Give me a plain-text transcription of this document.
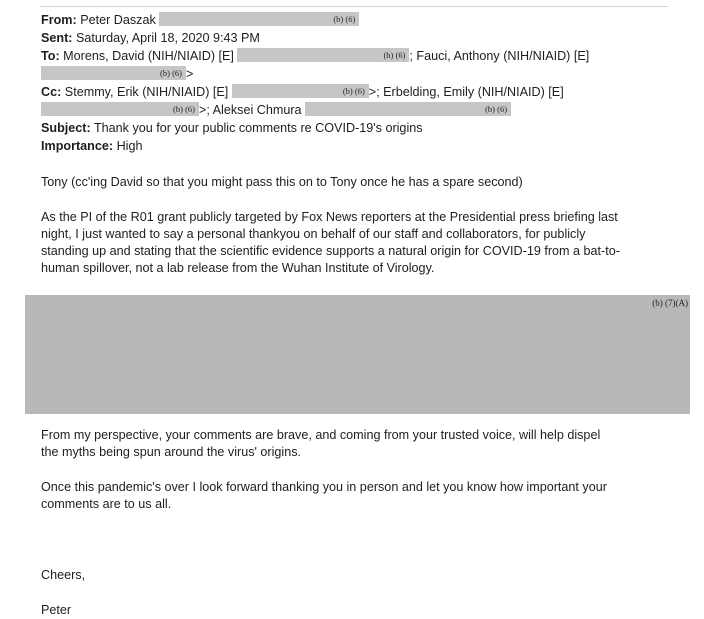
From: Peter Daszak	(b) (6)
Sent: Saturday, April 18, 2020 9:43 PM
To: Morens, David (NIH/NIAID) [E]	(b) (6) ; Fauci, Anthony (NIH/NIAID) [E]
(b) (6) >
Cc: Stemmy, Erik (NIH/NIAID) [E]	(b) (6) >; Erbelding, Emily (NIH/NIAID) [E]
(b) (6) >; Aleksei Chmura	(b) (6)
Subject: Thank you for your public comments re COVID-19's origins
Importance: High
Tony (cc'ing David so that you might pass this on to Tony once he has a spare second)
As the PI of the R01 grant publicly targeted by Fox News reporters at the Presidential press briefing last
night, I just wanted to say a personal thankyou on behalf of our staff and collaborators, for publicly
standing up and stating that the scientific evidence supports a natural origin for COVID-19 from a bat-to-
human spillover, not a lab release from the Wuhan Institute of Virology.
(b) (7)(A)
From my perspective, your comments are brave, and coming from your trusted voice, will help dispel
the myths being spun around the virus' origins.
Once this pandemic's over I look forward thanking you in person and let you know how important your
comments are to us all.
Cheers,
Peter
